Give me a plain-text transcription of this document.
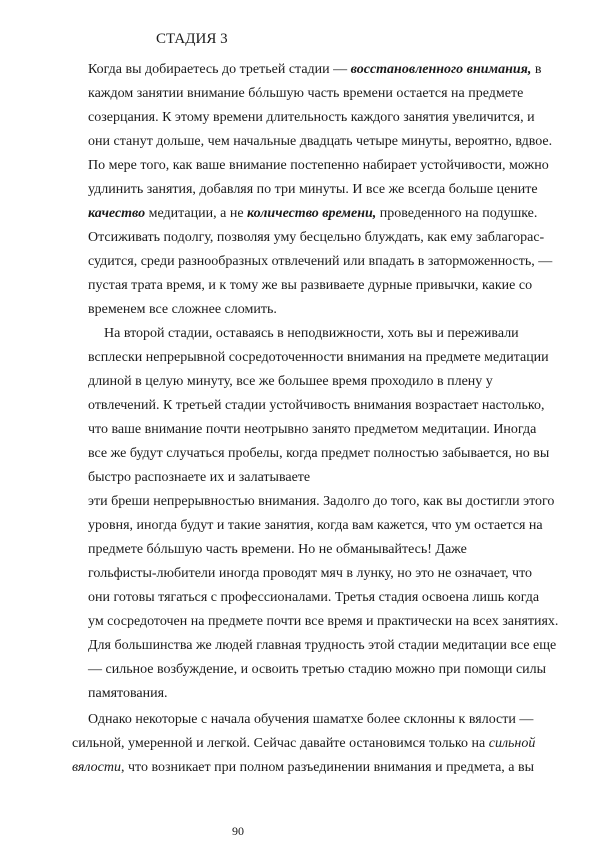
СТАДИЯ 3
Когда вы добираетесь до третьей стадии — восстановленного внимания, в
каждом занятии внимание бóльшую часть времени остается на предмете
созерцания. К этому времени длительность каждого занятия увеличится, и
они станут дольше, чем начальные двадцать четыре минуты, вероятно, вдвое.
По мере того, как ваше внимание постепенно набирает устойчивости, можно
удлинить занятия, добавляя по три минуты. И все же всегда больше цените
качество медитации, а не количество времени, проведенного на подушке.
Отсиживать подолгу, позволяя уму бесцельно блуждать, как ему заблагорас-
судится, среди разнообразных отвлечений или впадать в заторможенность, —
пустая трата время, и к тому же вы развиваете дурные привычки, какие со
временем все сложнее сломить.
На второй стадии, оставаясь в неподвижности, хоть вы и переживали
всплески непрерывной сосредоточенности внимания на предмете медитации
длиной в целую минуту, все же большее время проходило в плену у
отвлечений. К третьей стадии устойчивость внимания возрастает настолько,
что ваше внимание почти неотрывно занято предметом медитации. Иногда
все же будут случаться пробелы, когда предмет полностью забывается, но вы
быстро распознаете их и залатываете
эти бреши непрерывностью внимания. Задолго до того, как вы достигли этого
уровня, иногда будут и такие занятия, когда вам кажется, что ум остается на
предмете бóльшую часть времени. Но не обманывайтесь! Даже
гольфисты-любители иногда проводят мяч в лунку, но это не означает, что
они готовы тягаться с профессионалами. Третья стадия освоена лишь когда
ум сосредоточен на предмете почти все время и практически на всех занятиях.
Для большинства же людей главная трудность этой стадии медитации все еще
— сильное возбуждение, и освоить третью стадию можно при помощи силы
памятования.
Однако некоторые с начала обучения шаматхе более склонны к вялости —
сильной, умеренной и легкой. Сейчас давайте остановимся только на сильной
вялости, что возникает при полном разъединении внимания и предмета, а вы
90
